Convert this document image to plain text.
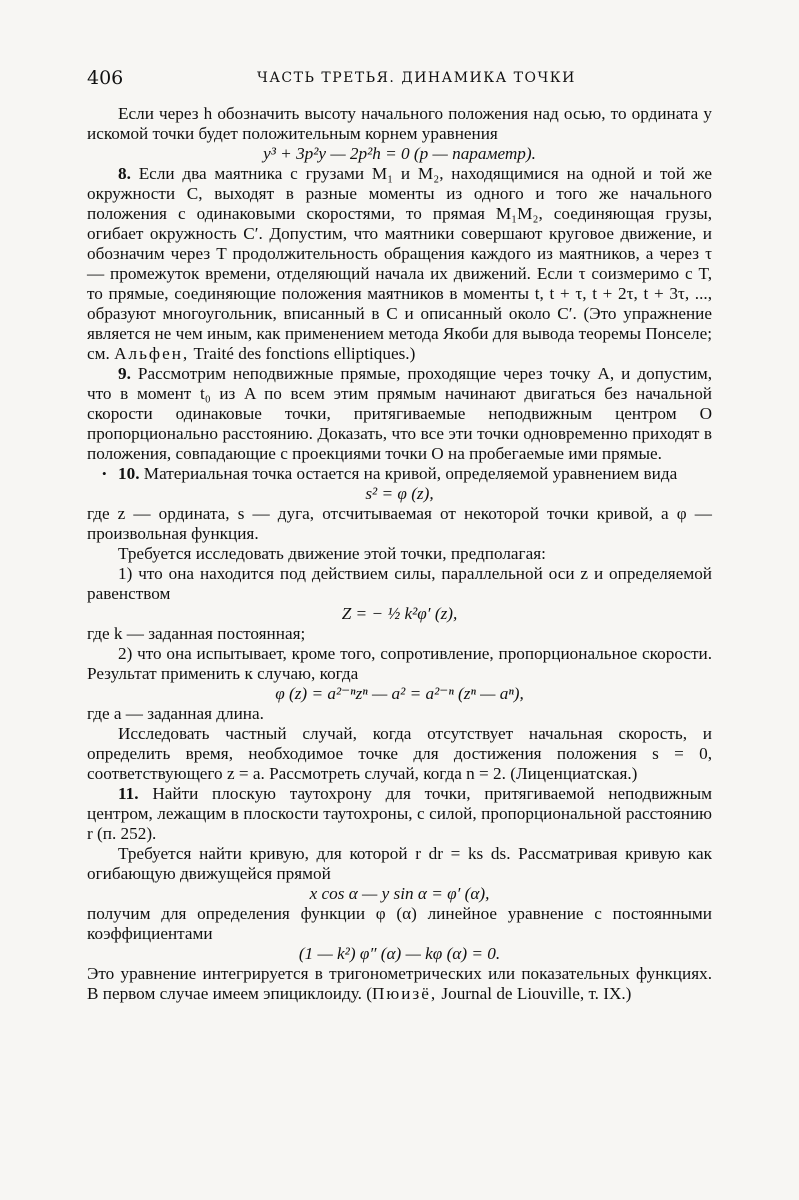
406	ЧАСТЬ ТРЕТЬЯ. ДИНАМИКА ТОЧКИ

Если через h обозначить высоту начального положения над осью, то ордината y искомой точки будет положительным корнем уравнения

y³ + 3p²y — 2p²h = 0 (p — параметр).

8. Если два маятника с грузами M₁ и M₂, находящимися на одной и той же окружности C, выходят в разные моменты из одного и того же начального положения с одинаковыми скоростями, то прямая M₁M₂, соединяющая грузы, огибает окружность C′. Допустим, что маятники совершают круговое движение, и обозначим через T продолжительность обращения каждого из маятников, а через τ — промежуток времени, отделяющий начала их движений. Если τ соизмеримо с T, то прямые, соединяющие положения маятников в моменты t, t + τ, t + 2τ, t + 3τ, ..., образуют многоугольник, вписанный в C и описанный около C′. (Это упражнение является не чем иным, как применением метода Якоби для вывода теоремы Понселе; см. Альфен, Traité des fonctions elliptiques.)

9. Рассмотрим неподвижные прямые, проходящие через точку A, и допустим, что в момент t₀ из A по всем этим прямым начинают двигаться без начальной скорости одинаковые точки, притягиваемые неподвижным центром O пропорционально расстоянию. Доказать, что все эти точки одновременно приходят в положения, совпадающие с проекциями точки O на пробегаемые ими прямые.

• 10. Материальная точка остается на кривой, определяемой уравнением вида

s² = φ (z),

где z — ордината, s — дуга, отсчитываемая от некоторой точки кривой, а φ — произвольная функция.

Требуется исследовать движение этой точки, предполагая:

1) что она находится под действием силы, параллельной оси z и определяемой равенством

Z = − ½ k²φ′ (z),

где k — заданная постоянная;

2) что она испытывает, кроме того, сопротивление, пропорциональное скорости. Результат применить к случаю, когда

φ (z) = a²⁻ⁿzⁿ — a² = a²⁻ⁿ (zⁿ — aⁿ),

где a — заданная длина.

Исследовать частный случай, когда отсутствует начальная скорость, и определить время, необходимое точке для достижения положения s = 0, соответствующего z = a. Рассмотреть случай, когда n = 2. (Лиценциатская.)

11. Найти плоскую таутохрону для точки, притягиваемой неподвижным центром, лежащим в плоскости таутохроны, с силой, пропорциональной расстоянию r (п. 252).

Требуется найти кривую, для которой r dr = ks ds. Рассматривая кривую как огибающую движущейся прямой

x cos α — y sin α = φ′ (α),

получим для определения функции φ (α) линейное уравнение с постоянными коэффициентами

(1 — k²) φ″ (α) — kφ (α) = 0.

Это уравнение интегрируется в тригонометрических или показательных функциях. В первом случае имеем эпициклоиду. (Пюизё, Journal de Liouville, т. IX.)
